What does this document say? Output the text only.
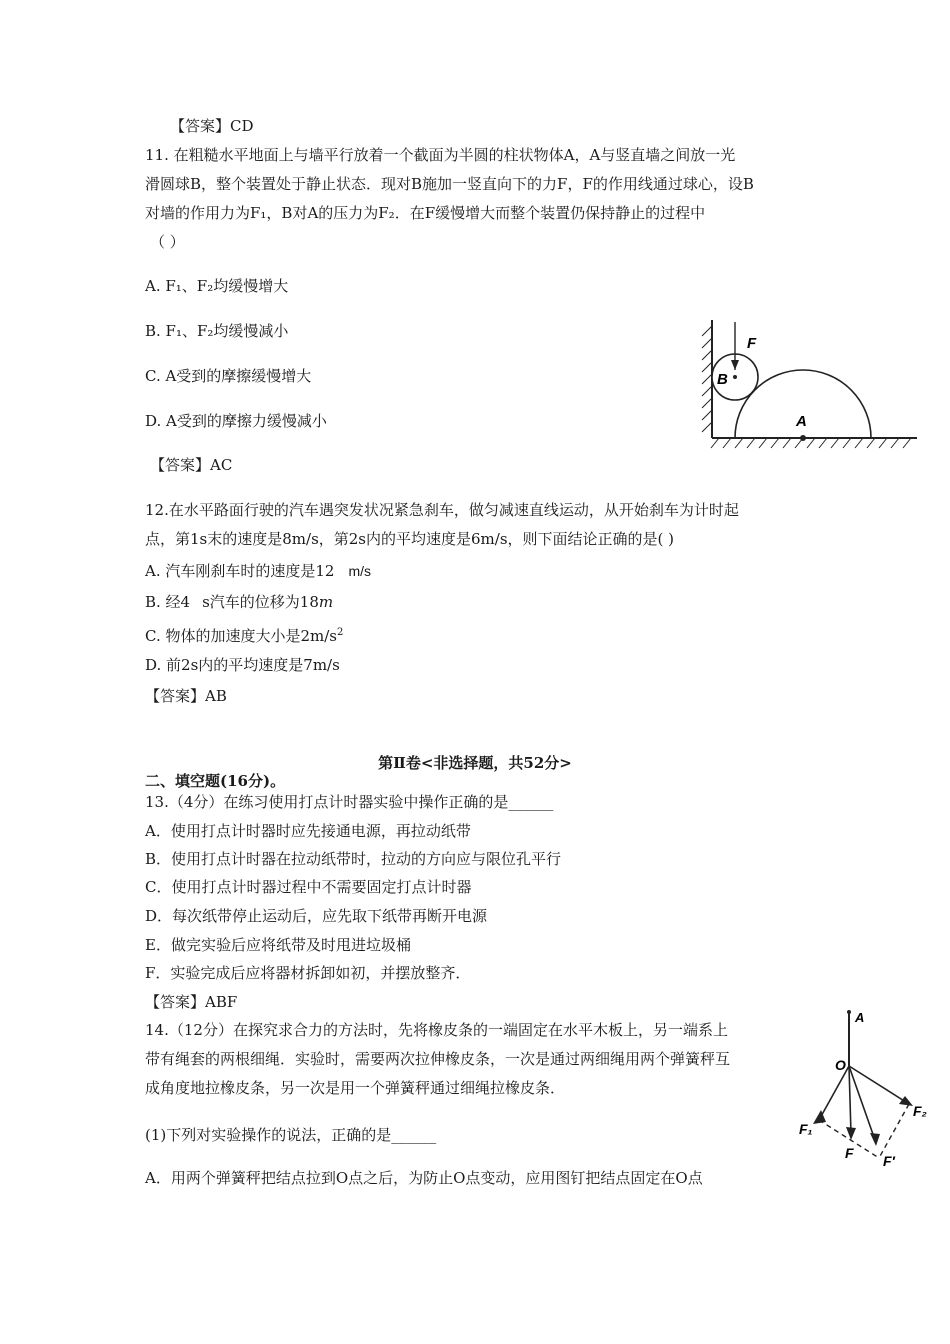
【答案】CD
11. 在粗糙水平地面上与墙平行放着一个截面为半圆的柱状物体A，A与竖直墙之间放一光
滑圆球B，整个装置处于静止状态．现对B施加一竖直向下的力F，F的作用线通过球心，设B
对墙的作用力为F₁，B对A的压力为F₂．在F缓慢增大而整个装置仍保持静止的过程中
（ ）
A. F₁、F₂均缓慢增大
B. F₁、F₂均缓慢减小
C. A受到的摩擦缓慢增大
D. A受到的摩擦力缓慢减小
【答案】AC
F
B
A
12.在水平路面行驶的汽车遇突发状况紧急刹车，做匀减速直线运动，从开始刹车为计时起
点，第1s末的速度是8m/s，第2s内的平均速度是6m/s，则下面结论正确的是( )
A. 汽车刚刹车时的速度是12 m/s
B. 经4 s汽车的位移为18m
C. 物体的加速度大小是$2m/s^2$
D. 前2s内的平均速度是7m/s
【答案】AB
第Ⅱ卷<非选择题，共52分>
二、填空题(16分)。
13.（4分）在练习使用打点计时器实验中操作正确的是______
A．使用打点计时器时应先接通电源，再拉动纸带
B．使用打点计时器在拉动纸带时，拉动的方向应与限位孔平行
C．使用打点计时器过程中不需要固定打点计时器
D．每次纸带停止运动后，应先取下纸带再断开电源
E．做完实验后应将纸带及时甩进垃圾桶
F．实验完成后应将器材拆卸如初，并摆放整齐．
【答案】ABF
14.（12分）在探究求合力的方法时，先将橡皮条的一端固定在水平木板上，另一端系上
带有绳套的两根细绳．实验时，需要两次拉伸橡皮条，一次是通过两细绳用两个弹簧秤互
成角度地拉橡皮条，另一次是用一个弹簧秤通过细绳拉橡皮条．
(1)下列对实验操作的说法，正确的是______
A．用两个弹簧秤把结点拉到O点之后，为防止O点变动，应用图钉把结点固定在O点
A
O
F₁
F₂
F F′
